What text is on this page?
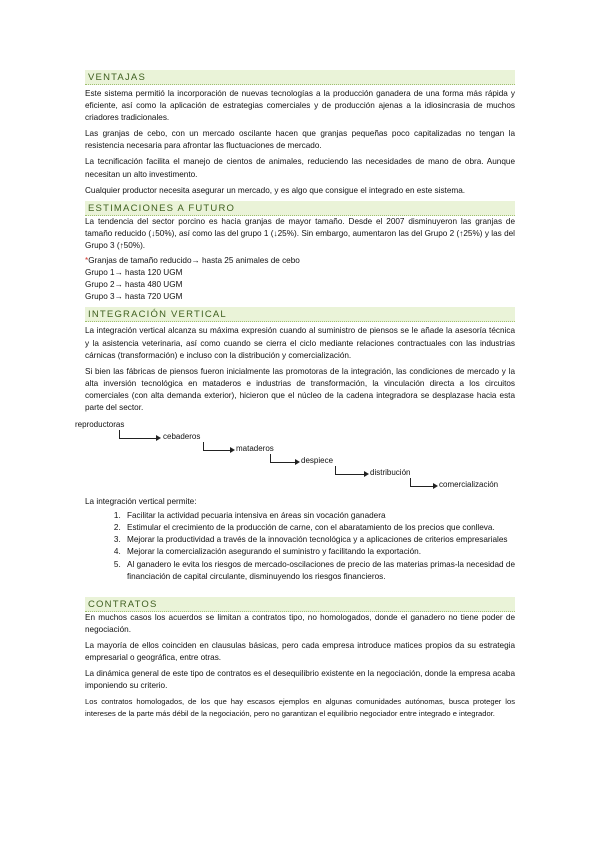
VENTAJAS

Este sistema permitió la incorporación de nuevas tecnologías a la producción ganadera de una forma más rápida y eficiente, así como la aplicación de estrategias comerciales y de producción ajenas a la idiosincrasia de muchos criadores tradicionales.

Las granjas de cebo, con un mercado oscilante hacen que granjas pequeñas poco capitalizadas no tengan la resistencia necesaria para afrontar las fluctuaciones de mercado.

La tecnificación facilita el manejo de cientos de animales, reduciendo las necesidades de mano de obra. Aunque necesitan un alto investimento.

Cualquier productor necesita asegurar un mercado, y es algo que consigue el integrado en este sistema.

ESTIMACIONES A FUTURO

La tendencia del sector porcino es hacia granjas de mayor tamaño. Desde el 2007 disminuyeron las granjas de tamaño reducido (↓50%), así como las del grupo 1 (↓25%). Sin embargo, aumentaron las del Grupo 2 (↑25%) y las del Grupo 3 (↑50%).

*Granjas de tamaño reducido→ hasta 25 animales de cebo
Grupo 1→ hasta 120 UGM
Grupo 2→ hasta 480 UGM
Grupo 3→ hasta 720 UGM
INTEGRACIÓN VERTICAL

La integración vertical alcanza su máxima expresión cuando al suministro de piensos se le añade la asesoría técnica y la asistencia veterinaria, así como cuando se cierra el ciclo mediante relaciones contractuales con las industrias cárnicas (transformación) e incluso con la distribución y comercialización.

Si bien las fábricas de piensos fueron inicialmente las promotoras de la integración, las condiciones de mercado y la alta inversión tecnológica en mataderos e industrias de transformación, la vinculación directa a los circuitos comerciales (con alta demanda exterior), hicieron que el núcleo de la cadena integradora se desplazase hacia esta parte del sector.

reproductoras
cebaderos
mataderos
despiece
distribución
comercialización

La integración vertical permite:

1. Facilitar la actividad pecuaria intensiva en áreas sin vocación ganadera
2. Estimular el crecimiento de la producción de carne, con el abaratamiento de los precios que conlleva.
3. Mejorar la productividad a través de la innovación tecnológica y a aplicaciones de criterios empresariales
4. Mejorar la comercialización asegurando el suministro y facilitando la exportación.
5. Al ganadero le evita los riesgos de mercado-oscilaciones de precio de las materias primas-la necesidad de financiación de capital circulante, disminuyendo los riesgos financieros.
CONTRATOS

En muchos casos los acuerdos se limitan a contratos tipo, no homologados, donde el ganadero no tiene poder de negociación.

La mayoría de ellos coinciden en clausulas básicas, pero cada empresa introduce matices propios da su estrategia empresarial o geográfica, entre otras.

La dinámica general de este tipo de contratos es el desequilibrio existente en la negociación, donde la empresa acaba imponiendo su criterio.

Los contratos homologados, de los que hay escasos ejemplos en algunas comunidades autónomas, busca proteger los intereses de la parte más débil de la negociación, pero no garantizan el equilibrio negociador entre integrado e integrador.
